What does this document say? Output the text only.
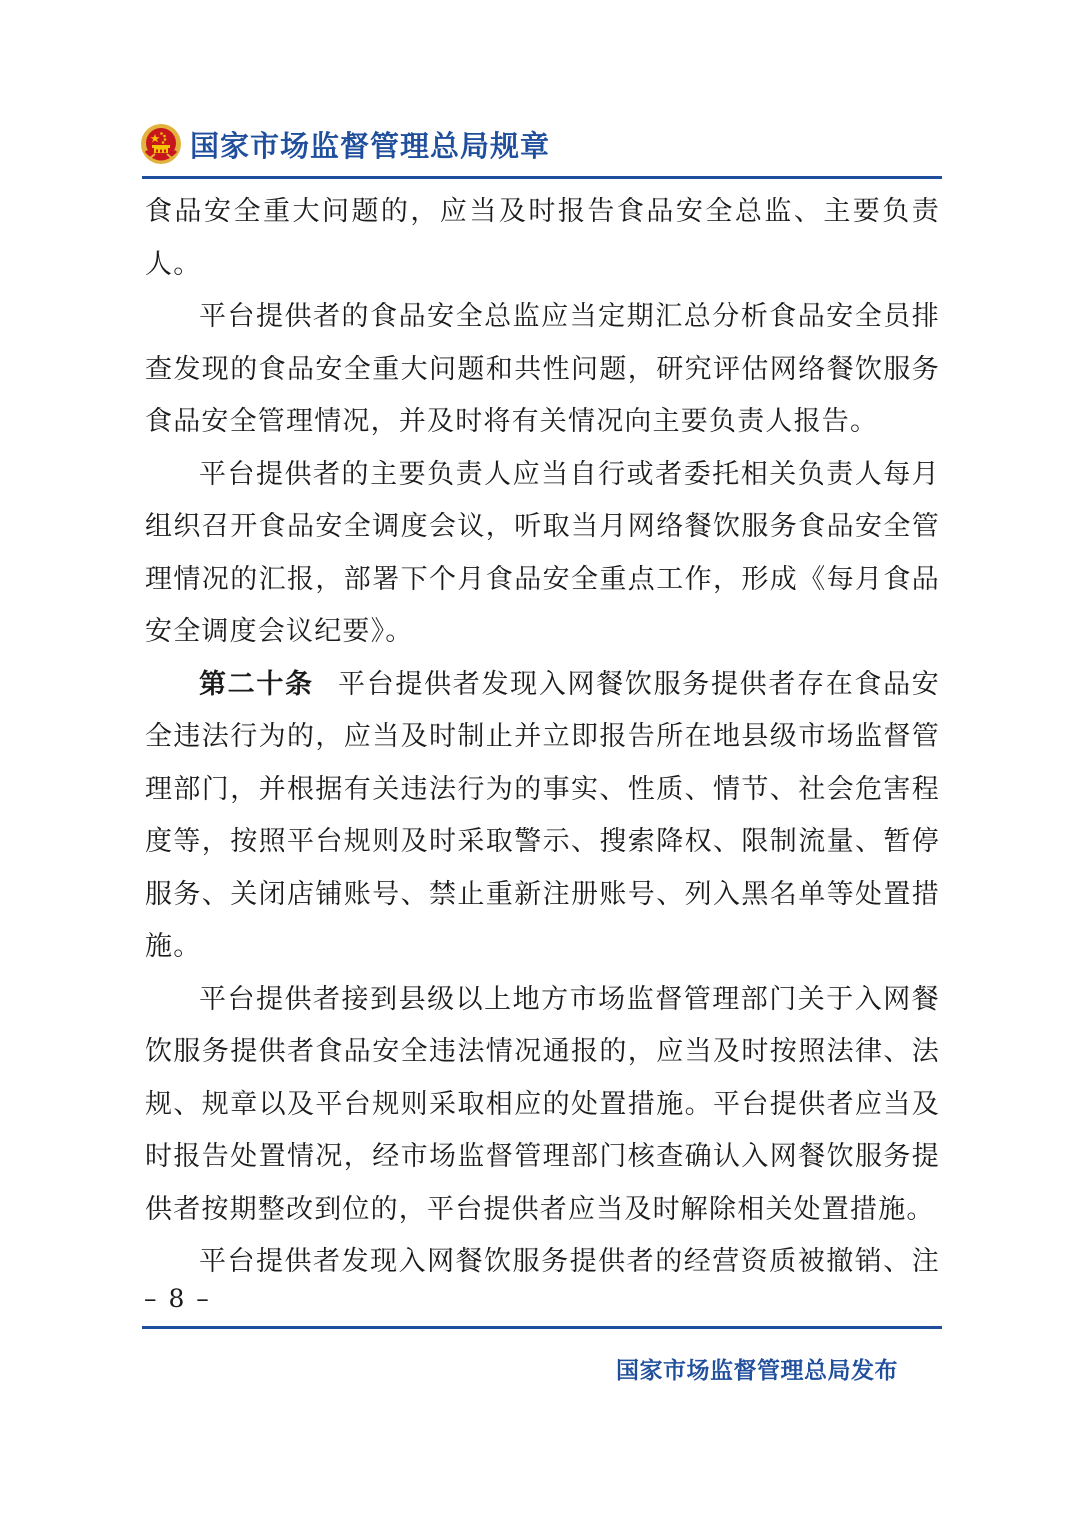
国家市场监督管理总局规章

食品安全重大问题的，应当及时报告食品安全总监、主要负责人。

平台提供者的食品安全总监应当定期汇总分析食品安全员排查发现的食品安全重大问题和共性问题，研究评估网络餐饮服务食品安全管理情况，并及时将有关情况向主要负责人报告。

平台提供者的主要负责人应当自行或者委托相关负责人每月组织召开食品安全调度会议，听取当月网络餐饮服务食品安全管理情况的汇报，部署下个月食品安全重点工作，形成《每月食品安全调度会议纪要》。

第二十条 平台提供者发现入网餐饮服务提供者存在食品安全违法行为的，应当及时制止并立即报告所在地县级市场监督管理部门，并根据有关违法行为的事实、性质、情节、社会危害程度等，按照平台规则及时采取警示、搜索降权、限制流量、暂停服务、关闭店铺账号、禁止重新注册账号、列入黑名单等处置措施。

平台提供者接到县级以上地方市场监督管理部门关于入网餐饮服务提供者食品安全违法情况通报的，应当及时按照法律、法规、规章以及平台规则采取相应的处置措施。平台提供者应当及时报告处置情况，经市场监督管理部门核查确认入网餐饮服务提供者按期整改到位的，平台提供者应当及时解除相关处置措施。

平台提供者发现入网餐饮服务提供者的经营资质被撤销、注

– 8 –
国家市场监督管理总局发布
